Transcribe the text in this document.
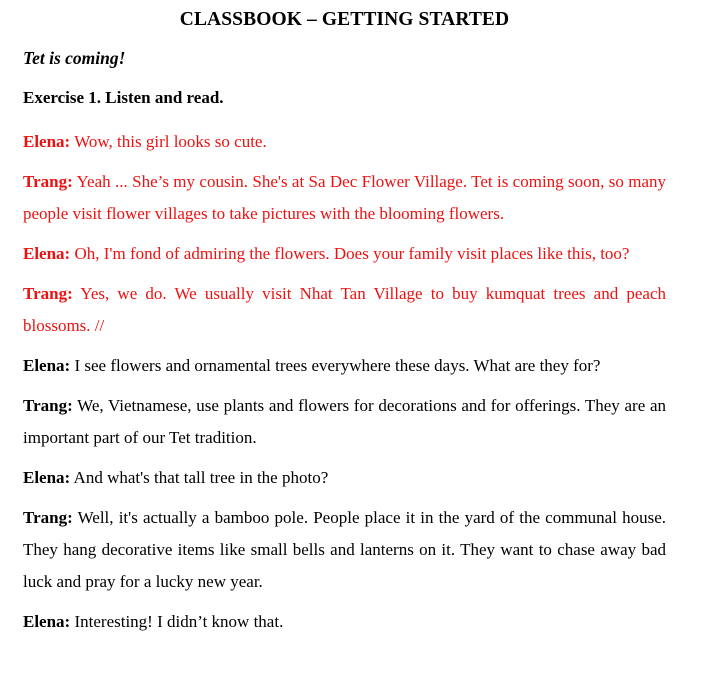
CLASSBOOK – GETTING STARTED
Tet is coming!
Exercise 1. Listen and read.
Elena: Wow, this girl looks so cute.
Trang: Yeah ... She’s my cousin. She's at Sa Dec Flower Village. Tet is coming soon, so many people visit flower villages to take pictures with the blooming flowers.
Elena: Oh, I'm fond of admiring the flowers. Does your family visit places like this, too?
Trang: Yes, we do. We usually visit Nhat Tan Village to buy kumquat trees and peach blossoms. //
Elena: I see flowers and ornamental trees everywhere these days. What are they for?
Trang: We, Vietnamese, use plants and flowers for decorations and for offerings. They are an important part of our Tet tradition.
Elena: And what's that tall tree in the photo?
Trang: Well, it's actually a bamboo pole. People place it in the yard of the communal house. They hang decorative items like small bells and lanterns on it. They want to chase away bad luck and pray for a lucky new year.
Elena: Interesting! I didn’t know that.
